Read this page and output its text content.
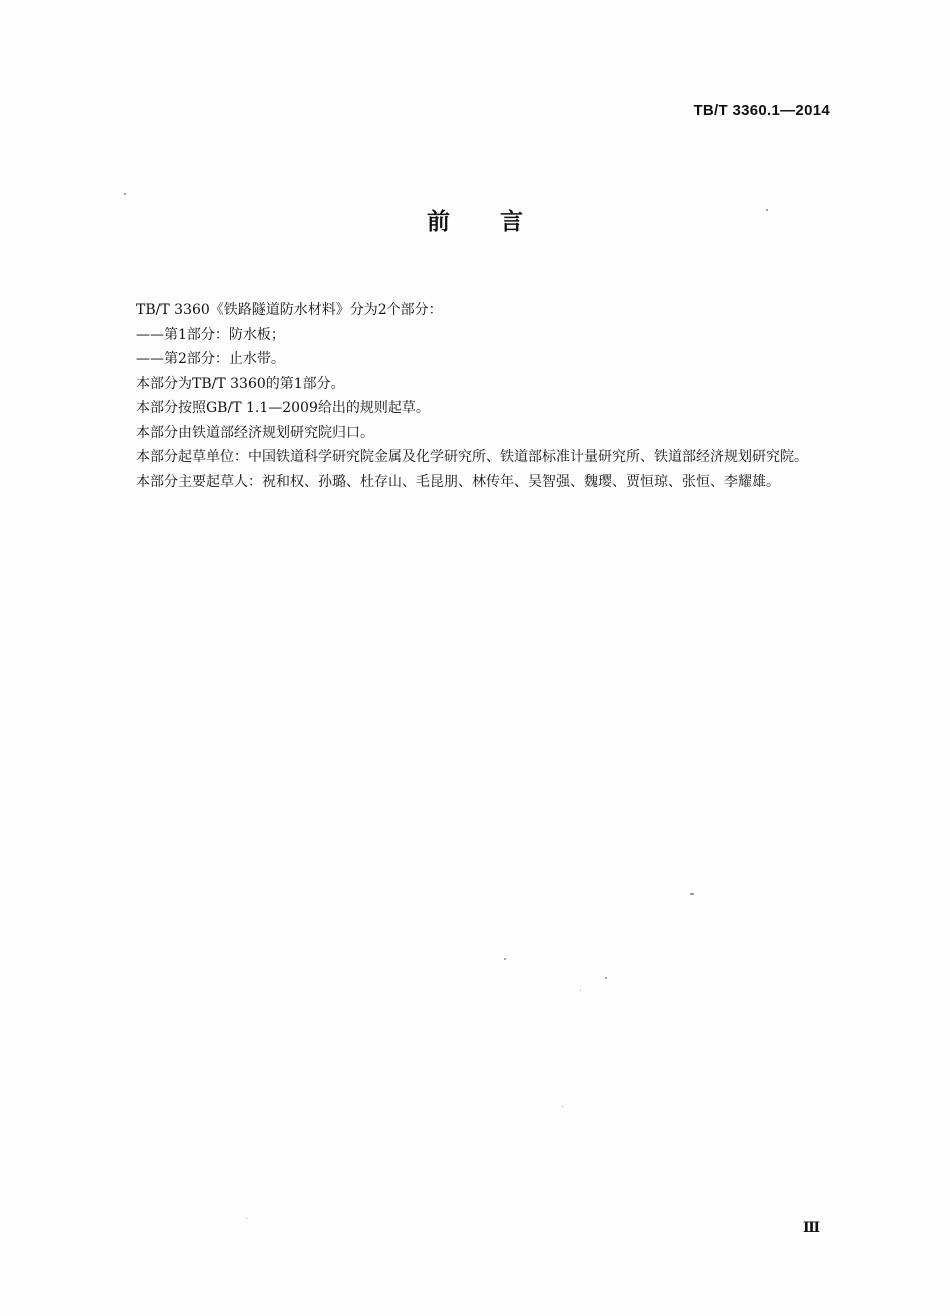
TB/T 3360.1—2014
前言

TB/T 3360《铁路隧道防水材料》分为2个部分：

——第1部分：防水板；

——第2部分：止水带。

本部分为TB/T 3360的第1部分。

本部分按照GB/T 1.1—2009给出的规则起草。

本部分由铁道部经济规划研究院归口。

本部分起草单位：中国铁道科学研究院金属及化学研究所、铁道部标准计量研究所、铁道部经济规划研究院。

本部分主要起草人：祝和权、孙璐、杜存山、毛昆朋、林传年、吴智强、魏璎、贾恒琼、张恒、李耀雄。

Ⅲ
